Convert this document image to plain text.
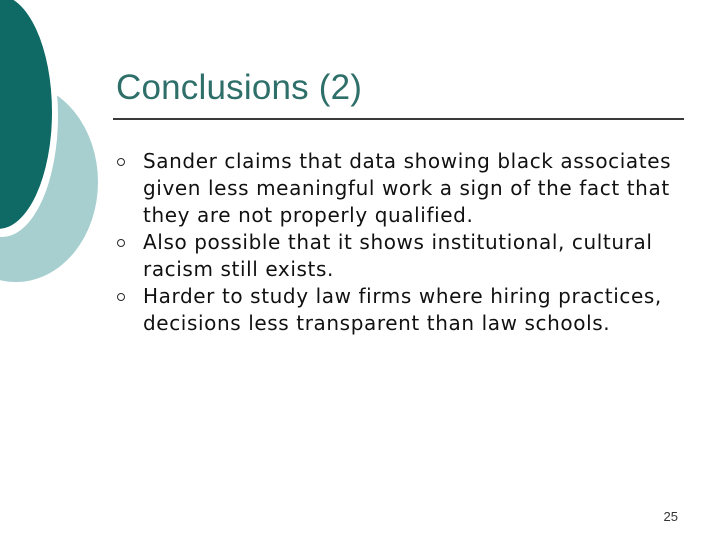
Conclusions (2)
Sander claims that data showing black associates given less meaningful work a sign of the fact that they are not properly qualified.
Also possible that it shows institutional, cultural racism still exists.
Harder to study law firms where hiring practices, decisions less transparent than law schools.
25
